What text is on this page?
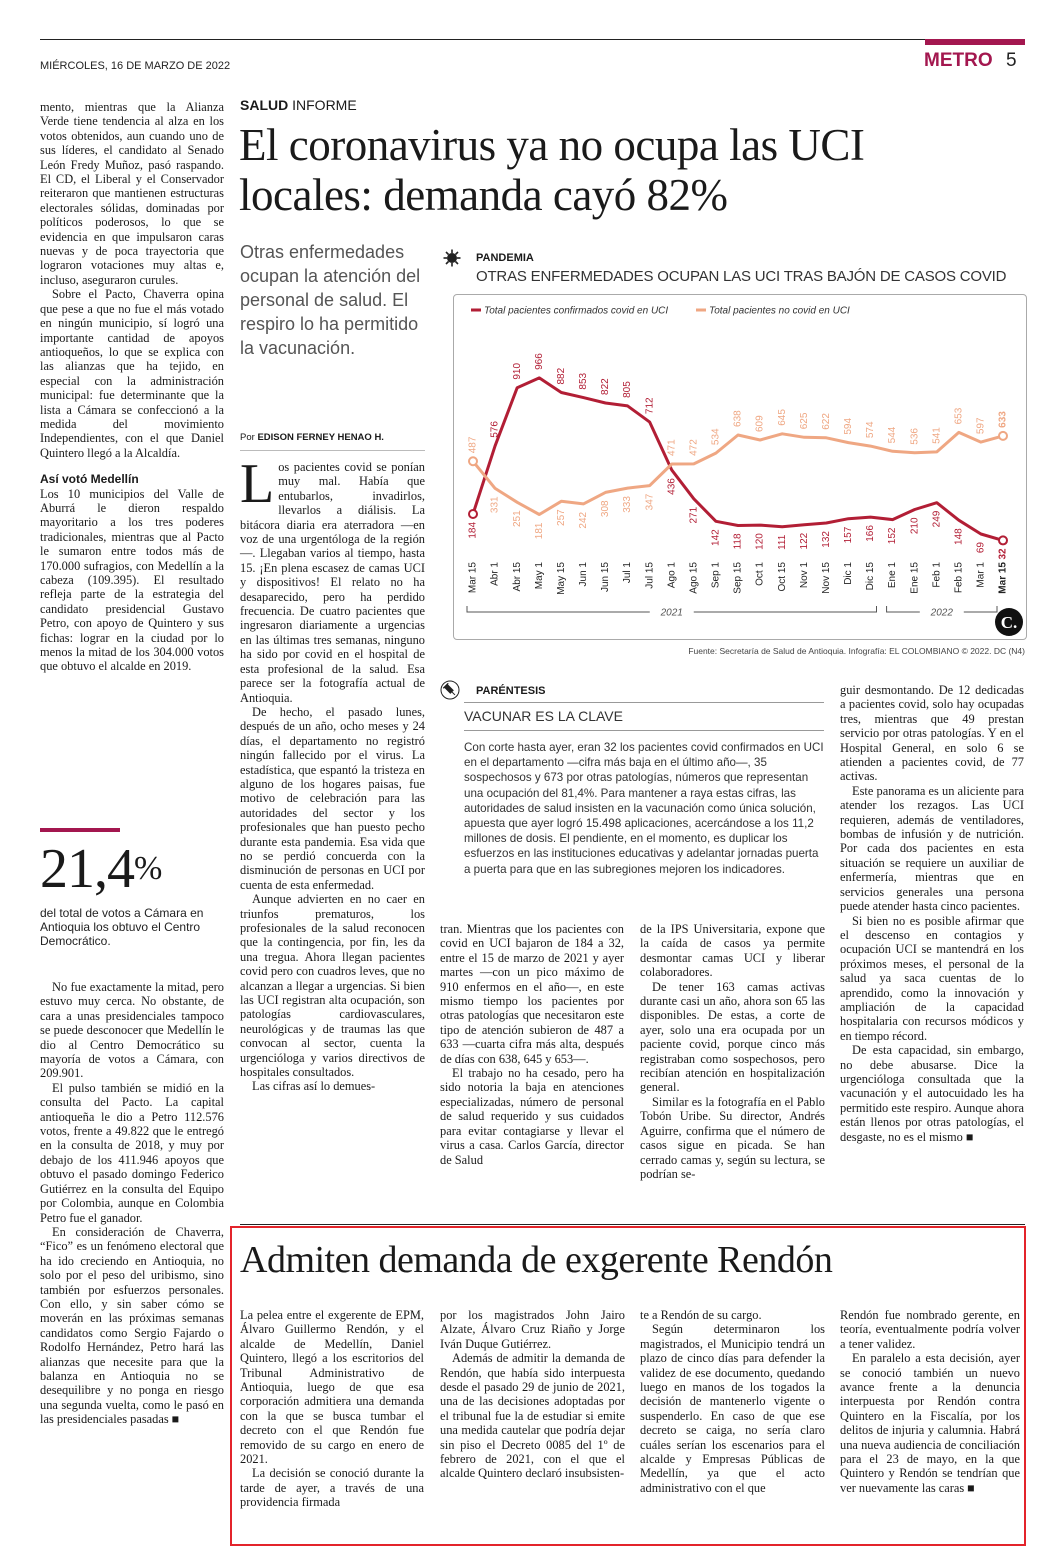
MIÉRCOLES, 16 DE MARZO DE 2022	METRO 5

mento, mientras que la Alianza Verde tiene tendencia al alza en los votos obtenidos, aun cuando uno de sus líderes, el candidato al Senado León Fredy Muñoz, pasó raspando. El CD, el Liberal y el Conservador reiteraron que mantienen estructuras electorales sólidas, dominadas por políticos poderosos, lo que se evidencia en que impulsaron caras nuevas y de poca trayectoria que lograron votaciones muy altas e, incluso, aseguraron curules.

Sobre el Pacto, Chaverra opina que pese a que no fue el más votado en ningún municipio, sí logró una importante cantidad de apoyos antioqueños, lo que se explica con las alianzas que ha tejido, en especial con la administración municipal: fue determinante que la lista a Cámara se confeccionó a la medida del movimiento Independientes, con el que Daniel Quintero llegó a la Alcaldía.

Así votó Medellín

Los 10 municipios del Valle de Aburrá le dieron respaldo mayoritario a los tres poderes tradicionales, mientras que al Pacto le sumaron entre todos más de 170.000 sufragios, con Medellín a la cabeza (109.395). El resultado refleja parte de la estrategia del candidato presidencial Gustavo Petro, con apoyo de Quintero y sus fichas: lograr en la ciudad por lo menos la mitad de los 304.000 votos que obtuvo el alcalde en 2019.

21,4%
del total de votos a Cámara en Antioquia los obtuvo el Centro Democrático.

No fue exactamente la mitad, pero estuvo muy cerca. No obstante, de cara a unas presidenciales tampoco se puede desconocer que Medellín le dio al Centro Democrático su mayoría de votos a Cámara, con 209.901.

El pulso también se midió en la consulta del Pacto. La capital antioqueña le dio a Petro 112.576 votos, frente a 49.822 que le entregó en la consulta de 2018, y muy por debajo de los 411.946 apoyos que obtuvo el pasado domingo Federico Gutiérrez en la consulta del Equipo por Colombia, aunque en Colombia Petro fue el ganador.

En consideración de Chaverra, “Fico” es un fenómeno electoral que ha ido creciendo en Antioquia, no solo por el peso del uribismo, sino también por esfuerzos personales. Con ello, y sin saber cómo se moverán en las próximas semanas candidatos como Sergio Fajardo o Rodolfo Hernández, Petro hará las alianzas que necesite para que la balanza en Antioquia no se desequilibre y no ponga en riesgo una segunda vuelta, como le pasó en las presidenciales pasadas ■

SALUD INFORME
El coronavirus ya no ocupa las UCI
locales: demanda cayó 82%
Otras enfermedades ocupan la atención del personal de salud. El respiro lo ha permitido la vacunación.
Por EDISON FERNEY HENAO H.
L os pacientes covid se ponían muy mal. Había que entubarlos, invadirlos, llevarlos a diálisis. La bitácora diaria era aterradora —en voz de una urgentóloga de la región—. Llegaban varios al tiempo, hasta 15. ¡En plena escasez de camas UCI y dispositivos! El relato no ha desaparecido, pero ha perdido frecuencia. De cuatro pacientes que ingresaron diariamente a urgencias en las últimas tres semanas, ninguno ha sido por covid en el hospital de esta profesional de la salud. Esa parece ser la fotografía actual de Antioquia.

De hecho, el pasado lunes, después de un año, ocho meses y 24 días, el departamento no registró ningún fallecido por el virus. La estadística, que espantó la tristeza en alguno de los hogares paisas, fue motivo de celebración para las autoridades del sector y los profesionales que han puesto pecho durante esta pandemia. Esa vida que no se perdió concuerda con la disminución de personas en UCI por cuenta de esta enfermedad.

Aunque advierten en no caer en triunfos prematuros, los profesionales de la salud reconocen que la contingencia, por fin, les da una tregua. Ahora llegan pacientes covid pero con cuadros leves, que no alcanzan a llegar a urgencias. Si bien las UCI registran alta ocupación, son patologías cardiovasculares, neurológicas y de traumas las que convocan al sector, cuenta la urgencióloga y varios directivos de hospitales consultados.

Las cifras así lo demues-

PANDEMIA
OTRAS ENFERMEDADES OCUPAN LAS UCI TRAS BAJÓN DE CASOS COVID
Total pacientes confirmados covid en UCI	Total pacientes no covid en UCI
184
576
910
966
882 853 822 805
712
436
271
142 118 120 111 122 132 157 166 152
210 249
148
69
32
487
331
251
181
257 242
308 333 347
471 472
534
638 609 645 625 622 594 574 544 536 541
653
597 633
Mar 15 Abr 1 Abr 15 May 1 May 15 Jun 1 Jun 15 Jul 1 Jul 15 Ago 1 Ago 15 Sep 1 Sep 15 Oct 1 Oct 15 Nov 1 Nov 15 Dic 1 Dic 15 Ene 1 Ene 15 Feb 1 Feb 15 Mar 1 Mar 15
2021	2022	C.
Fuente: Secretaría de Salud de Antioquia. Infografía: EL COLOMBIANO © 2022. DC (N4)
PARÉNTESIS
VACUNAR ES LA CLAVE
Con corte hasta ayer, eran 32 los pacientes covid confirmados en UCI en el departamento —cifra más baja en el último año—, 35 sospechosos y 673 por otras patologías, números que representan una ocupación del 81,4%. Para mantener a raya estas cifras, las autoridades de salud insisten en la vacunación como única solución, apuesta que ayer logró 15.498 aplicaciones, acercándose a los 11,2 millones de dosis. El pendiente, en el momento, es duplicar los esfuerzos en las instituciones educativas y adelantar jornadas puerta a puerta para que en las subregiones mejoren los indicadores.

tran. Mientras que los pacientes con covid en UCI bajaron de 184 a 32, entre el 15 de marzo de 2021 y ayer martes —con un pico máximo de 910 enfermos en el año—, en este mismo tiempo los pacientes por otras patologías que necesitaron este tipo de atención subieron de 487 a 633 —cuarta cifra más alta, después de días con 638, 645 y 653—.

El trabajo no ha cesado, pero ha sido notoria la baja en atenciones especializadas, número de personal de salud requerido y sus cuidados para evitar contagiarse y llevar el virus a casa. Carlos García, director de Salud

de la IPS Universitaria, expone que la caída de casos ya permite desmontar camas UCI y liberar colaboradores.

De tener 163 camas activas durante casi un año, ahora son 65 las disponibles. De estas, a corte de ayer, solo una era ocupada por un paciente covid, porque cinco más registraban como sospechosos, pero recibían atención en hospitalización general.

Similar es la fotografía en el Pablo Tobón Uribe. Su director, Andrés Aguirre, confirma que el número de casos sigue en picada. Se han cerrado camas y, según su lectura, se podrían se-

guir desmontando. De 12 dedicadas a pacientes covid, solo hay ocupadas tres, mientras que 49 prestan servicio por otras patologías. Y en el Hospital General, en solo 6 se atienden a pacientes covid, de 77 activas.

Este panorama es un aliciente para atender los rezagos. Las UCI requieren, además de ventiladores, bombas de infusión y de nutrición. Por cada dos pacientes en esta situación se requiere un auxiliar de enfermería, mientras que en servicios generales una persona puede atender hasta cinco pacientes.

Si bien no es posible afirmar que el descenso en contagios y ocupación UCI se mantendrá en los próximos meses, el personal de la salud ya saca cuentas de lo aprendido, como la innovación y ampliación de la capacidad hospitalaria con recursos módicos y en tiempo récord.

De esta capacidad, sin embargo, no debe abusarse. Dice la urgencióloga consultada que la vacunación y el autocuidado les ha permitido este respiro. Aunque ahora están llenos por otras patologías, el desgaste, no es el mismo ■

Admiten demanda de exgerente Rendón

La pelea entre el exgerente de EPM, Álvaro Guillermo Rendón, y el alcalde de Medellín, Daniel Quintero, llegó a los escritorios del Tribunal Administrativo de Antioquia, luego de que esa corporación admitiera una demanda con la que se busca tumbar el decreto con el que Rendón fue removido de su cargo en enero de 2021.

La decisión se conoció durante la tarde de ayer, a través de una providencia firmada

por los magistrados John Jairo Alzate, Álvaro Cruz Riaño y Jorge Iván Duque Gutiérrez.

Además de admitir la demanda de Rendón, que había sido interpuesta desde el pasado 29 de junio de 2021, una de las decisiones adoptadas por el tribunal fue la de estudiar si emite una medida cautelar que podría dejar sin piso el Decreto 0085 del 1º de febrero de 2021, con el que el alcalde Quintero declaró insubsisten-

te a Rendón de su cargo.

Según determinaron los magistrados, el Municipio tendrá un plazo de cinco días para defender la validez de ese documento, quedando luego en manos de los togados la decisión de mantenerlo vigente o suspenderlo. En caso de que ese decreto se caiga, no sería claro cuáles serían los escenarios para el alcalde y Empresas Públicas de Medellín, ya que el acto administrativo con el que

Rendón fue nombrado gerente, en teoría, eventualmente podría volver a tener validez.

En paralelo a esta decisión, ayer se conoció también un nuevo avance frente a la denuncia interpuesta por Rendón contra Quintero en la Fiscalía, por los delitos de injuria y calumnia. Habrá una nueva audiencia de conciliación para el 23 de mayo, en la que Quintero y Rendón se tendrían que ver nuevamente las caras ■
